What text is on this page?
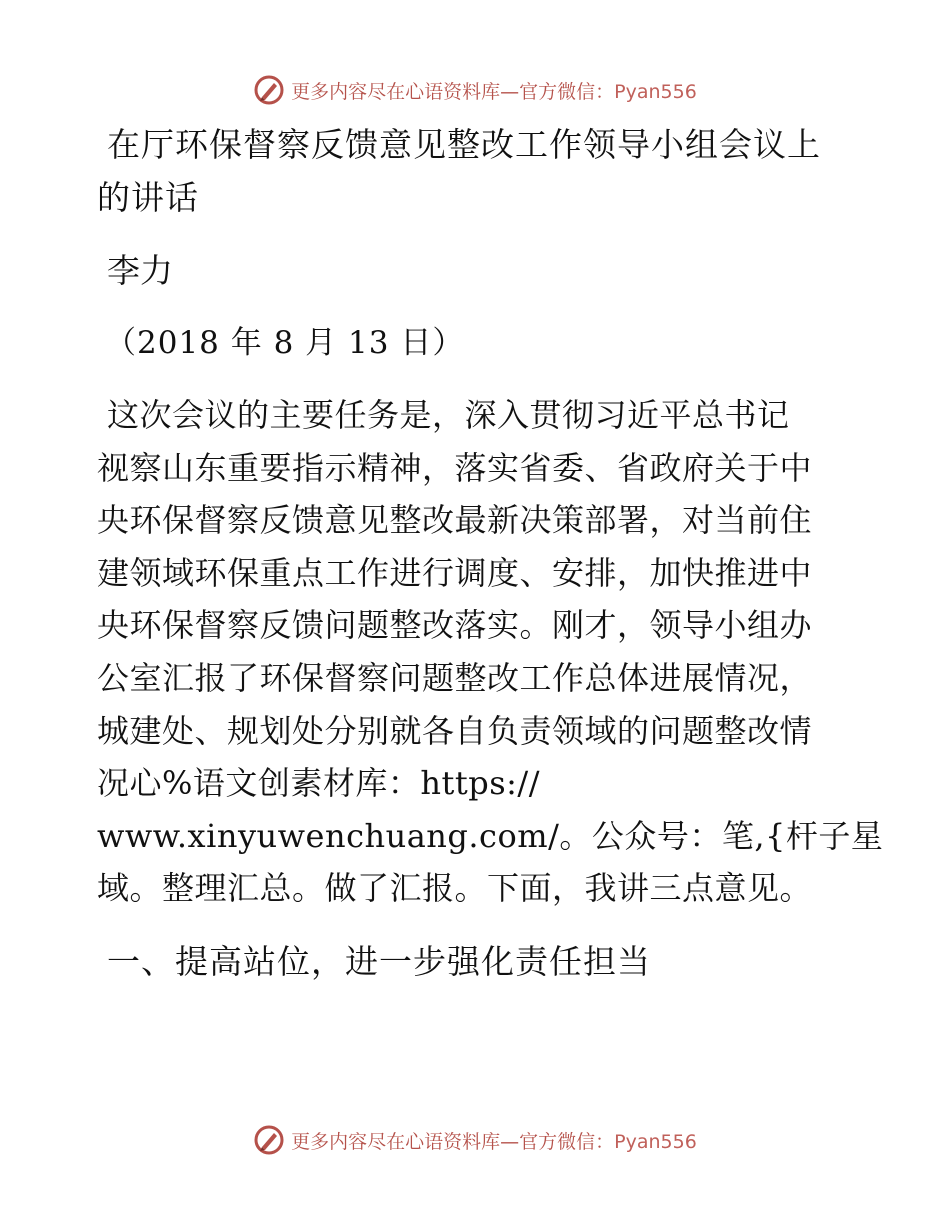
更多内容尽在心语资料库—官方微信：Pyan556
在厅环保督察反馈意见整改工作领导小组会议上
的讲话

李力

（2018 年 8 月 13 日）

这次会议的主要任务是，深入贯彻习近平总书记
视察山东重要指示精神，落实省委、省政府关于中
央环保督察反馈意见整改最新决策部署，对当前住
建领域环保重点工作进行调度、安排，加快推进中
央环保督察反馈问题整改落实。刚才，领导小组办
公室汇报了环保督察问题整改工作总体进展情况，
城建处、规划处分别就各自负责领域的问题整改情
况心%语文创素材库：https://
www.xinyuwenchuang.com/。公众号：笔,{杆子星
域。整理汇总。做了汇报。下面，我讲三点意见。

一、提高站位，进一步强化责任担当
更多内容尽在心语资料库—官方微信：Pyan556
